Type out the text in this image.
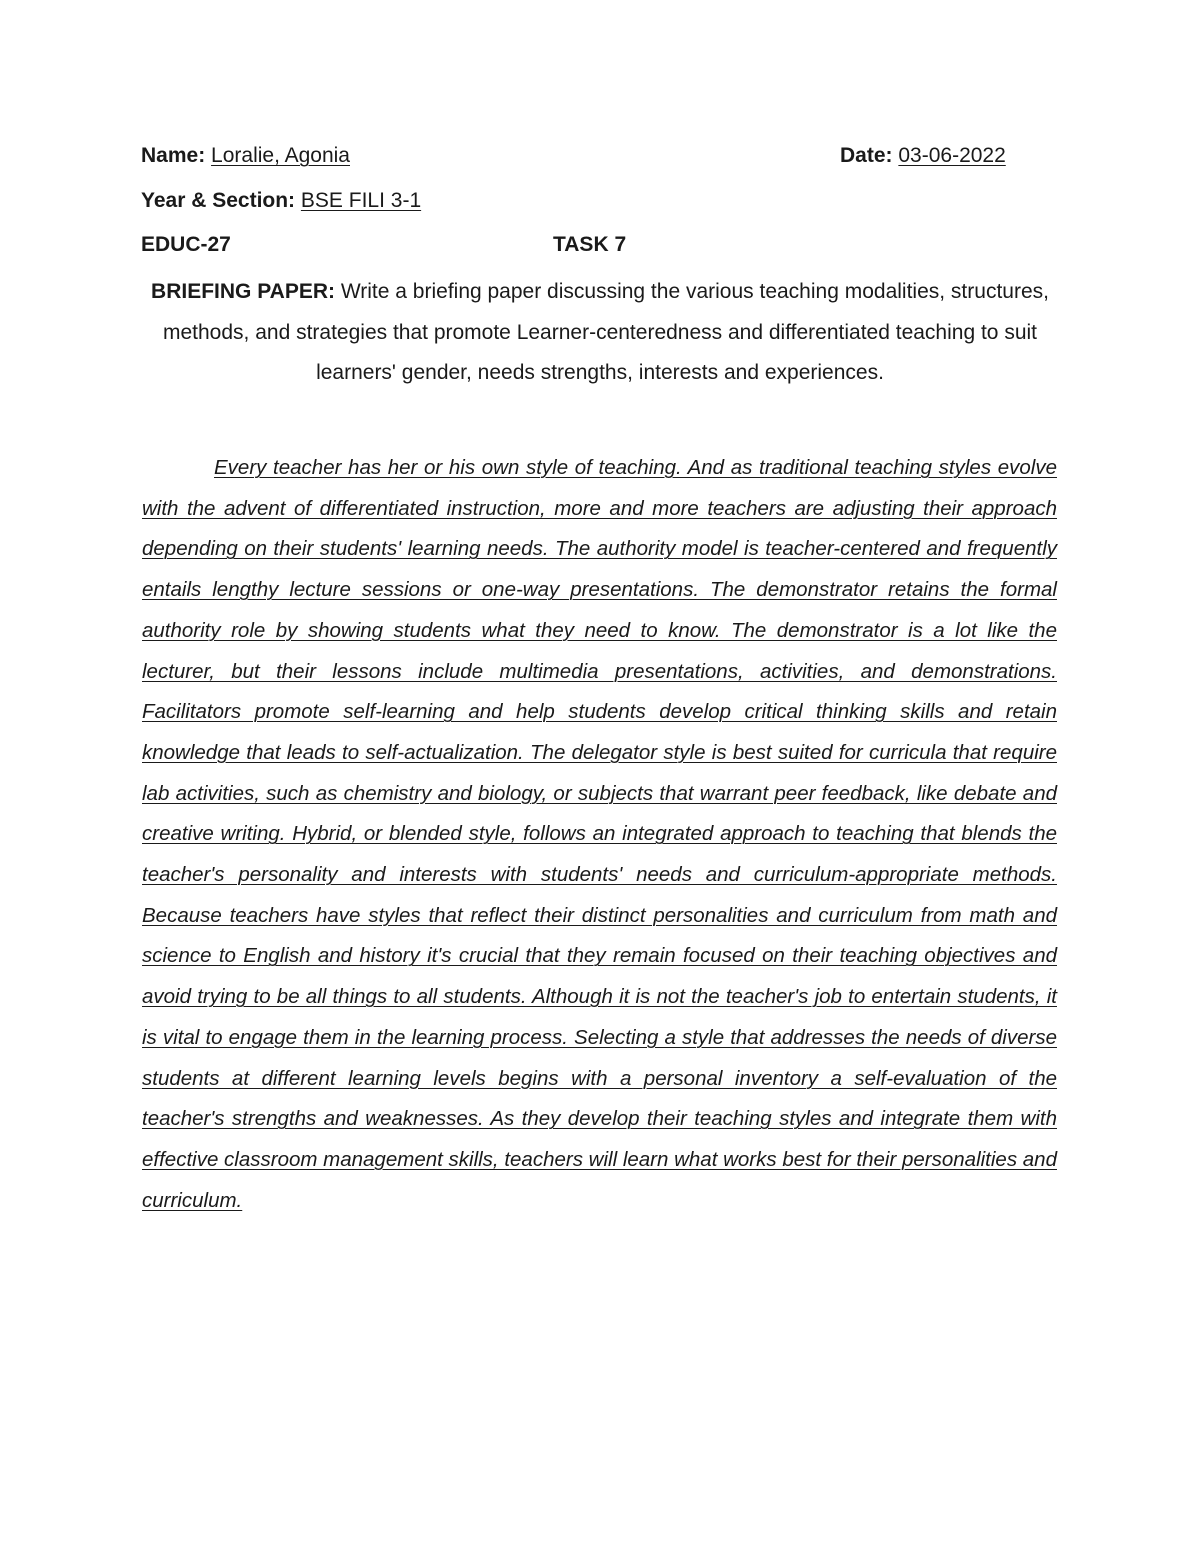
Name: Loralie, Agonia	Date: 03-06-2022
Year & Section: BSE FILI 3-1
EDUC-27	TASK 7
BRIEFING PAPER: Write a briefing paper discussing the various teaching modalities, structures, methods, and strategies that promote Learner-centeredness and differentiated teaching to suit learners' gender, needs strengths, interests and experiences.

Every teacher has her or his own style of teaching. And as traditional teaching styles evolve with the advent of differentiated instruction, more and more teachers are adjusting their approach depending on their students' learning needs. The authority model is teacher-centered and frequently entails lengthy lecture sessions or one-way presentations. The demonstrator retains the formal authority role by showing students what they need to know. The demonstrator is a lot like the lecturer, but their lessons include multimedia presentations, activities, and demonstrations. Facilitators promote self-learning and help students develop critical thinking skills and retain knowledge that leads to self-actualization. The delegator style is best suited for curricula that require lab activities, such as chemistry and biology, or subjects that warrant peer feedback, like debate and creative writing. Hybrid, or blended style, follows an integrated approach to teaching that blends the teacher's personality and interests with students' needs and curriculum-appropriate methods. Because teachers have styles that reflect their distinct personalities and curriculum from math and science to English and history it's crucial that they remain focused on their teaching objectives and avoid trying to be all things to all students. Although it is not the teacher's job to entertain students, it is vital to engage them in the learning process. Selecting a style that addresses the needs of diverse students at different learning levels begins with a personal inventory a self-evaluation of the teacher's strengths and weaknesses. As they develop their teaching styles and integrate them with effective classroom management skills, teachers will learn what works best for their personalities and curriculum.
